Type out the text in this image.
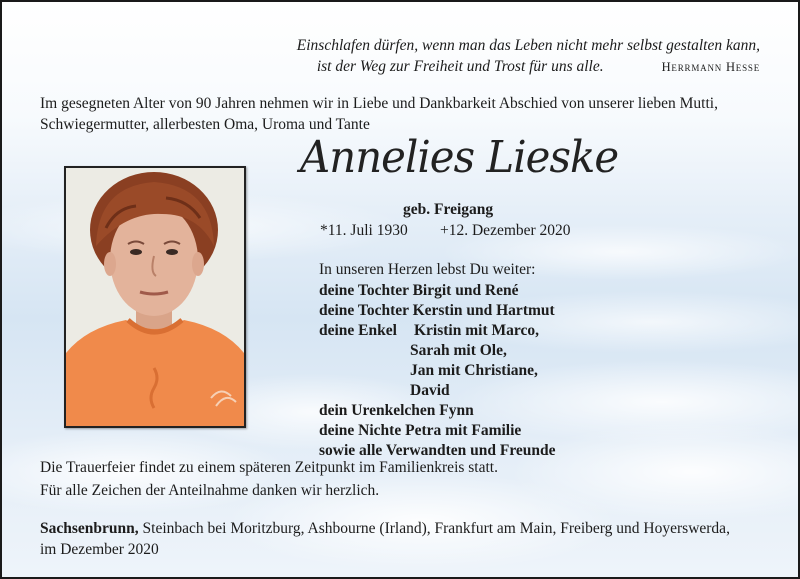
Einschlafen dürfen, wenn man das Leben nicht mehr selbst gestalten kann,
ist der Weg zur Freiheit und Trost für uns alle.	Herrmann Hesse
Im gesegneten Alter von 90 Jahren nehmen wir in Liebe und Dankbarkeit Abschied von unserer lieben Mutti, Schwiegermutter, allerbesten Oma, Uroma und Tante
Annelies Lieske
geb. Freigang
*11. Juli 1930 +12. Dezember 2020
In unseren Herzen lebst Du weiter:
deine Tochter Birgit und René
deine Tochter Kerstin und Hartmut
deine Enkel Kristin mit Marco,
Sarah mit Ole,
Jan mit Christiane,
David
dein Urenkelchen Fynn
deine Nichte Petra mit Familie
sowie alle Verwandten und Freunde
Die Trauerfeier findet zu einem späteren Zeitpunkt im Familienkreis statt.
Für alle Zeichen der Anteilnahme danken wir herzlich.
Sachsenbrunn, Steinbach bei Moritzburg, Ashbourne (Irland), Frankfurt am Main, Freiberg und Hoyerswerda,
im Dezember 2020
